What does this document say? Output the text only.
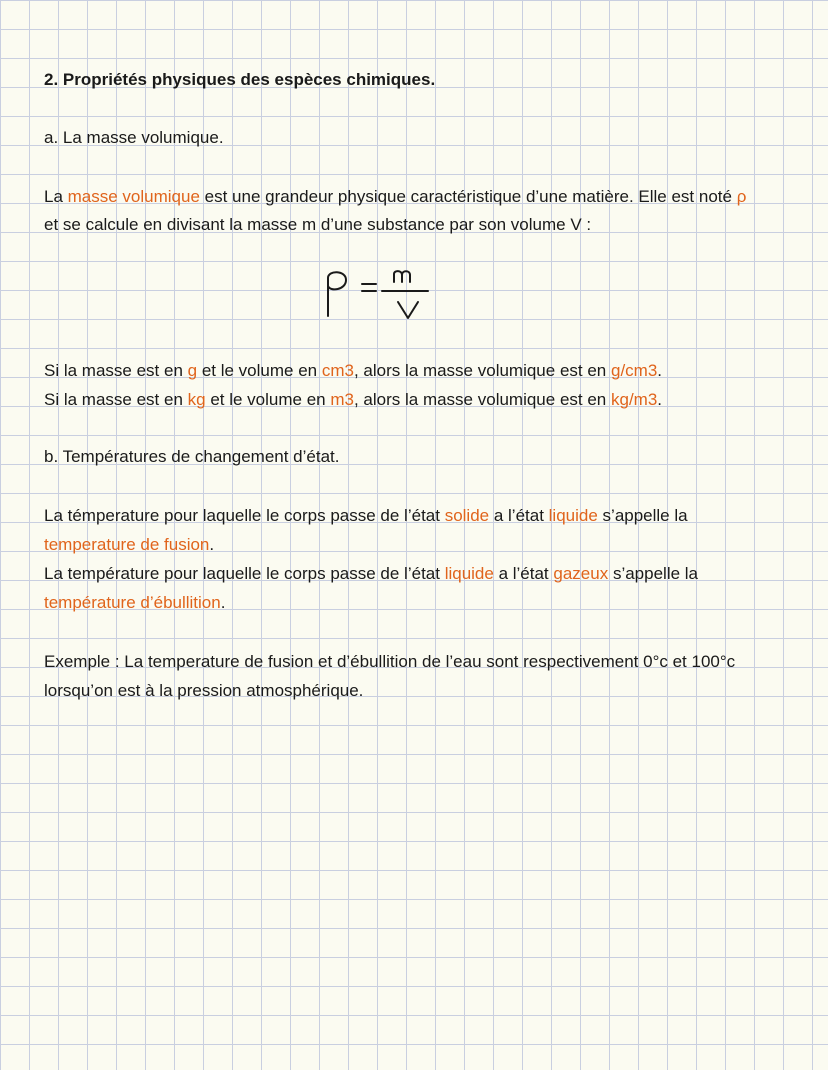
2. Propriétés physiques des espèces chimiques.
a. La masse volumique.
La masse volumique est une grandeur physique caractéristique d’une matière. Elle est noté ρ
et se calcule en divisant la masse m d’une substance par son volume V :
Si la masse est en g et le volume en cm3, alors la masse volumique est en g/cm3.
Si la masse est en kg et le volume en m3, alors la masse volumique est en kg/m3.
b. Températures de changement d’état.
La témperature pour laquelle le corps passe de l’état solide a l’état liquide s’appelle la
temperature de fusion.
La température pour laquelle le corps passe de l’état liquide a l’état gazeux s’appelle la
température d’ébullition.
Exemple : La temperature de fusion et d’ébullition de l’eau sont respectivement 0°c et 100°c
lorsqu’on est à la pression atmosphérique.
